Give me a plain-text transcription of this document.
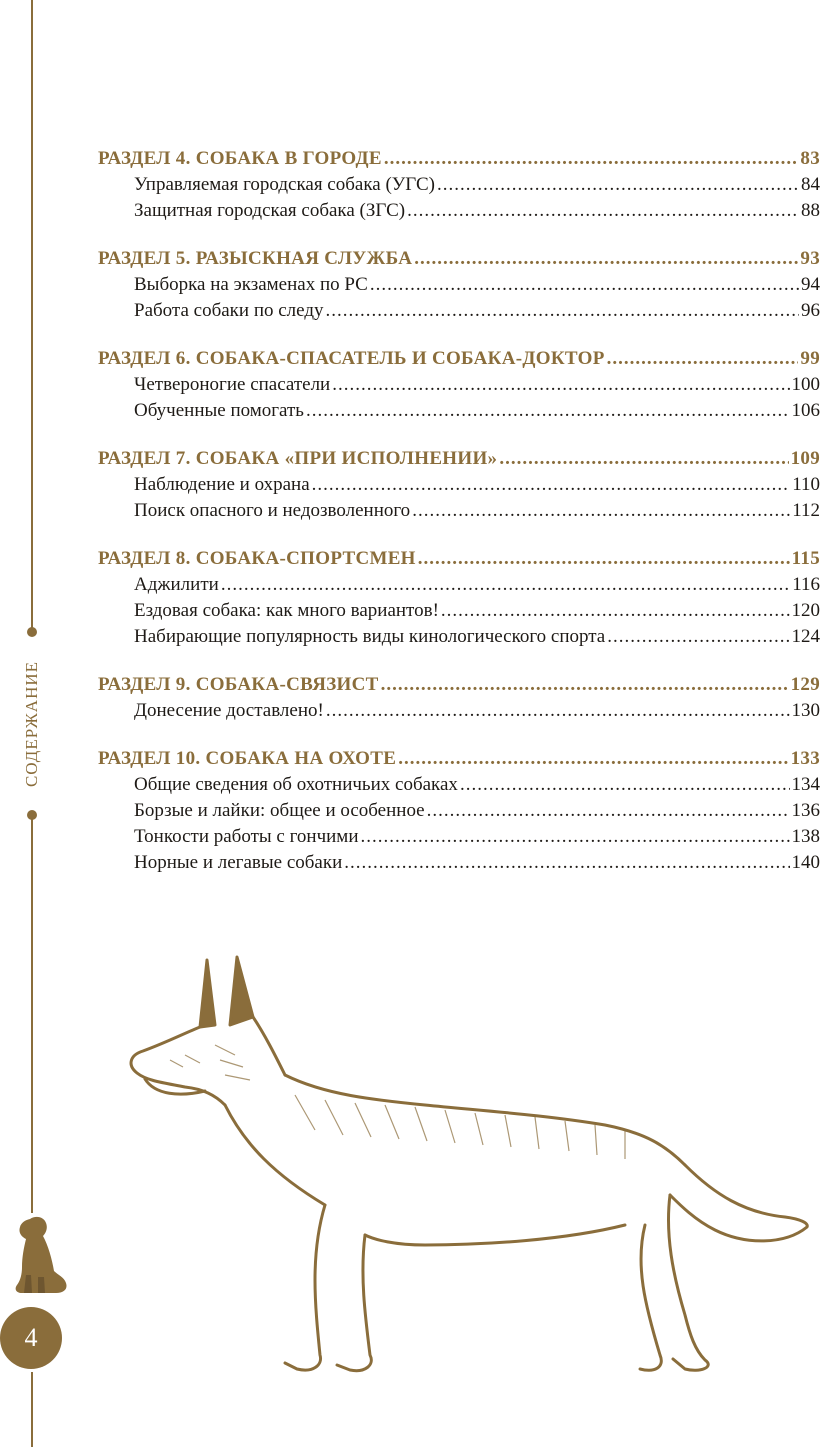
СОДЕРЖАНИЕ
4
РАЗДЕЛ 4. СОБАКА В ГОРОДЕ .....	83
Управляемая городская собака (УГС) .....	84
Защитная городская собака (ЗГС) .....	88
РАЗДЕЛ 5. РАЗЫСКНАЯ СЛУЖБА .....	93
Выборка на экзаменах по РС .....	94
Работа собаки по следу .....	96
РАЗДЕЛ 6. СОБАКА-СПАСАТЕЛЬ И СОБАКА-ДОКТОР .....	99
Четвероногие спасатели .....	100
Обученные помогать .....	106
РАЗДЕЛ 7. СОБАКА «ПРИ ИСПОЛНЕНИИ» .....	109
Наблюдение и охрана .....	110
Поиск опасного и недозволенного .....	112
РАЗДЕЛ 8. СОБАКА-СПОРТСМЕН .....	115
Аджилити .....	116
Ездовая собака: как много вариантов! .....	120
Набирающие популярность виды кинологического спорта .....	124
РАЗДЕЛ 9. СОБАКА-СВЯЗИСТ .....	129
Донесение доставлено! .....	130
РАЗДЕЛ 10. СОБАКА НА ОХОТЕ .....	133
Общие сведения об охотничьих собаках .....	134
Борзые и лайки: общее и особенное .....	136
Тонкости работы с гончими .....	138
Норные и легавые собаки .....	140
